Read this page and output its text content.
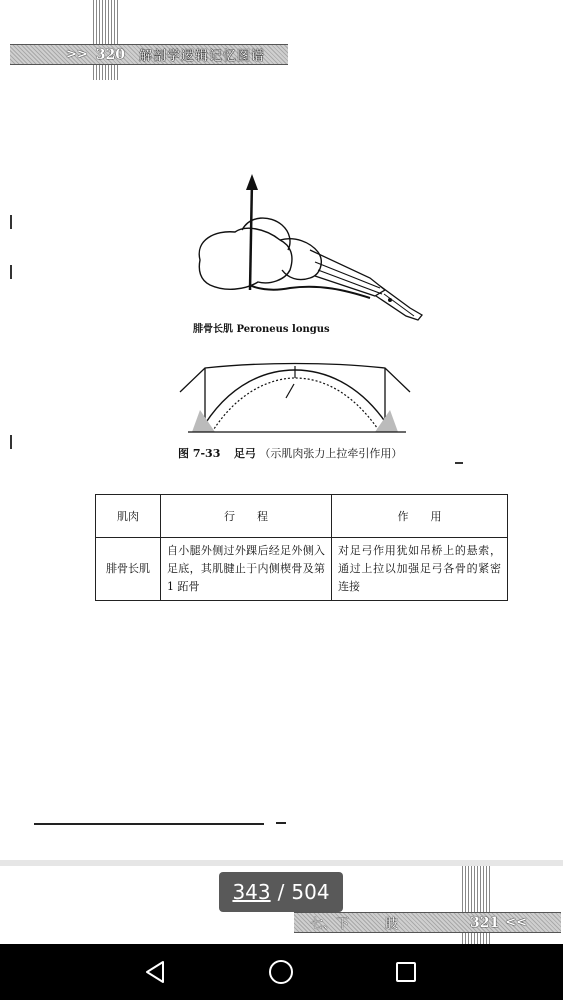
>> 320 解剖学逻辑记忆图谱
腓骨长肌 Peroneus longus
图 7-33 足弓 （示肌肉张力上拉牵引作用）
肌肉	行　　程	作　　用
腓骨长肌	自小腿外侧过外踝后经足外侧入足底，其肌腱止于内侧楔骨及第 1 跖骨	对足弓作用犹如吊桥上的悬索，通过上拉以加强足弓各骨的紧密连接
七、下	肢	321 <<
343 / 504
